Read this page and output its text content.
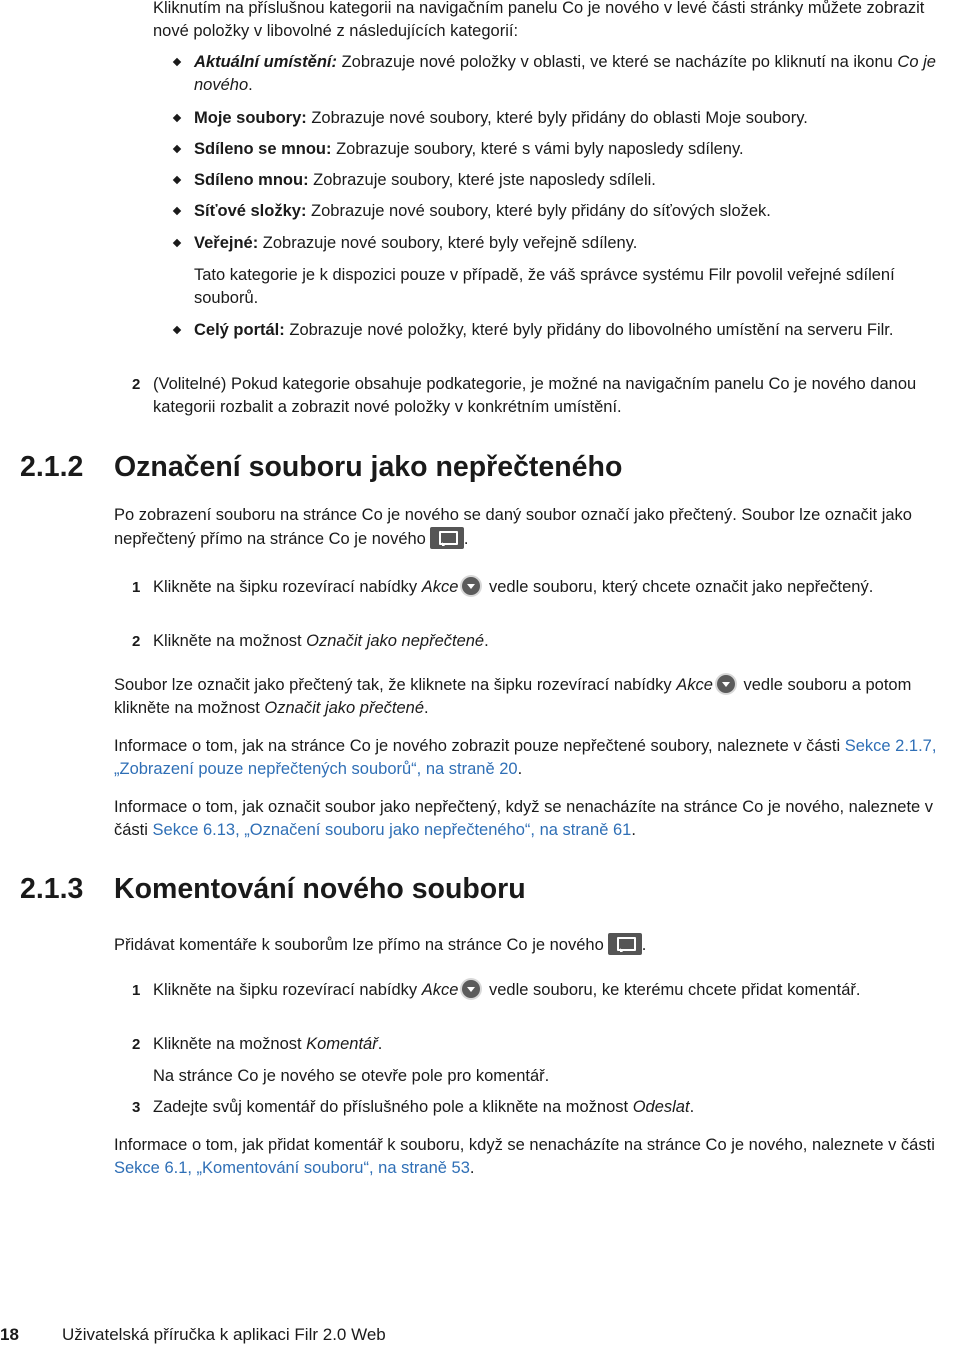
Kliknutím na příslušnou kategorii na navigačním panelu Co je nového v levé části stránky můžete zobrazit nové položky v libovolné z následujících kategorií:

Aktuální umístění: Zobrazuje nové položky v oblasti, ve které se nacházíte po kliknutí na ikonu Co je nového.
Moje soubory: Zobrazuje nové soubory, které byly přidány do oblasti Moje soubory.
Sdíleno se mnou: Zobrazuje soubory, které s vámi byly naposledy sdíleny.
Sdíleno mnou: Zobrazuje soubory, které jste naposledy sdíleli.
Síťové složky: Zobrazuje nové soubory, které byly přidány do síťových složek.
Veřejné: Zobrazuje nové soubory, které byly veřejně sdíleny.

Tato kategorie je k dispozici pouze v případě, že váš správce systému Filr povolil veřejné sdílení souborů.

Celý portál: Zobrazuje nové položky, které byly přidány do libovolného umístění na serveru Filr.
2 (Volitelné) Pokud kategorie obsahuje podkategorie, je možné na navigačním panelu Co je nového danou kategorii rozbalit a zobrazit nové položky v konkrétním umístění.
2.1.2 Označení souboru jako nepřečteného

Po zobrazení souboru na stránce Co je nového se daný soubor označí jako přečtený. Soubor lze označit jako nepřečtený přímo na stránce Co je nového .

1 Klikněte na šipku rozevírací nabídky Akce vedle souboru, který chcete označit jako nepřečtený.
2 Klikněte na možnost Označit jako nepřečtené.

Soubor lze označit jako přečtený tak, že kliknete na šipku rozevírací nabídky Akce vedle souboru a potom klikněte na možnost Označit jako přečtené.

Informace o tom, jak na stránce Co je nového zobrazit pouze nepřečtené soubory, naleznete v části Sekce 2.1.7, „Zobrazení pouze nepřečtených souborů“, na straně 20.

Informace o tom, jak označit soubor jako nepřečtený, když se nenacházíte na stránce Co je nového, naleznete v části Sekce 6.13, „Označení souboru jako nepřečteného“, na straně 61.

2.1.3 Komentování nového souboru

Přidávat komentáře k souborům lze přímo na stránce Co je nového .

1 Klikněte na šipku rozevírací nabídky Akce vedle souboru, ke kterému chcete přidat komentář.
2 Klikněte na možnost Komentář.

Na stránce Co je nového se otevře pole pro komentář.

3 Zadejte svůj komentář do příslušného pole a klikněte na možnost Odeslat.

Informace o tom, jak přidat komentář k souboru, když se nenacházíte na stránce Co je nového, naleznete v části Sekce 6.1, „Komentování souboru“, na straně 53.

18	Uživatelská příručka k aplikaci Filr 2.0 Web
